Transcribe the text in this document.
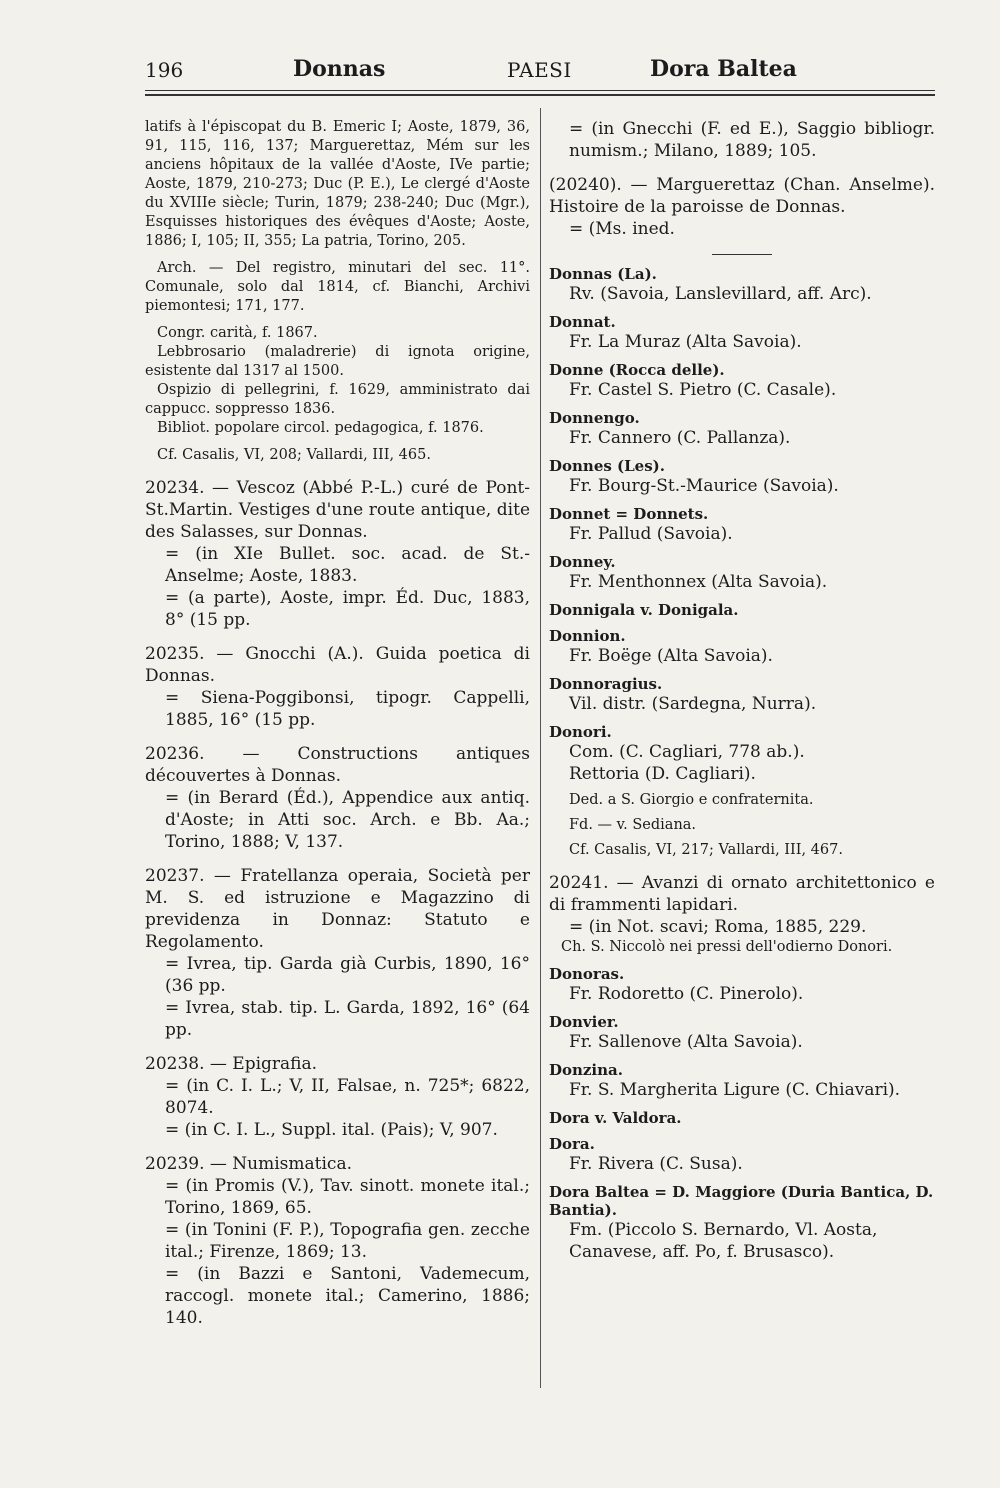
196	Donnas	PAESI	Dora Baltea

latifs à l'épiscopat du B. Emeric I; Aoste, 1879, 36, 91, 115, 116, 137; Marguerettaz, Mém sur les anciens hôpitaux de la vallée d'Aoste, IVe partie; Aoste, 1879, 210-273; Duc (P. E.), Le clergé d'Aoste du XVIIIe siècle; Turin, 1879; 238-240; Duc (Mgr.), Esquisses historiques des évêques d'Aoste; Aoste, 1886; I, 105; II, 355; La patria, Torino, 205.

Arch. — Del registro, minutari del sec. 11°. Comunale, solo dal 1814, cf. Bianchi, Archivi piemontesi; 171, 177.

Congr. carità, f. 1867.

Lebbrosario (maladrerie) di ignota origine, esistente dal 1317 al 1500.

Ospizio di pellegrini, f. 1629, amministrato dai cappucc. soppresso 1836.

Bibliot. popolare circol. pedagogica, f. 1876.

Cf. Casalis, VI, 208; Vallardi, III, 465.

20234. — Vescoz (Abbé P.-L.) curé de Pont-St.Martin. Vestiges d'une route antique, dite des Salasses, sur Donnas.

= (in XIe Bullet. soc. acad. de St.-Anselme; Aoste, 1883.

= (a parte), Aoste, impr. Éd. Duc, 1883, 8° (15 pp.

20235. — Gnocchi (A.). Guida poetica di Donnas.

= Siena-Poggibonsi, tipogr. Cappelli, 1885, 16° (15 pp.

20236. — Constructions antiques découvertes à Donnas.

= (in Berard (Éd.), Appendice aux antiq. d'Aoste; in Atti soc. Arch. e Bb. Aa.; Torino, 1888; V, 137.

20237. — Fratellanza operaia, Società per M. S. ed istruzione e Magazzino di previdenza in Donnaz: Statuto e Regolamento.

= Ivrea, tip. Garda già Curbis, 1890, 16° (36 pp.

= Ivrea, stab. tip. L. Garda, 1892, 16° (64 pp.

20238. — Epigrafia.

= (in C. I. L.; V, II, Falsae, n. 725*; 6822, 8074.

= (in C. I. L., Suppl. ital. (Pais); V, 907.

20239. — Numismatica.

= (in Promis (V.), Tav. sinott. monete ital.; Torino, 1869, 65.

= (in Tonini (F. P.), Topografia gen. zecche ital.; Firenze, 1869; 13.

= (in Bazzi e Santoni, Vademecum, raccogl. monete ital.; Camerino, 1886; 140.

= (in Gnecchi (F. ed E.), Saggio bibliogr. numism.; Milano, 1889; 105.

(20240). — Marguerettaz (Chan. Anselme). Histoire de la paroisse de Donnas.

= (Ms. ined.

Donnas (La).
Rv. (Savoia, Lanslevillard, aff. Arc).
Donnat.
Fr. La Muraz (Alta Savoia).
Donne (Rocca delle).
Fr. Castel S. Pietro (C. Casale).
Donnengo.
Fr. Cannero (C. Pallanza).
Donnes (Les).
Fr. Bourg-St.-Maurice (Savoia).
Donnet = Donnets.
Fr. Pallud (Savoia).
Donney.
Fr. Menthonnex (Alta Savoia).
Donnigala v. Donigala.
Donnion.
Fr. Boëge (Alta Savoia).
Donnoragius.
Vil. distr. (Sardegna, Nurra).
Donori.
Com. (C. Cagliari, 778 ab.).
Rettoria (D. Cagliari).
Ded. a S. Giorgio e confraternita.
Fd. — v. Sediana.
Cf. Casalis, VI, 217; Vallardi, III, 467.

20241. — Avanzi di ornato architettonico e di frammenti lapidari.

= (in Not. scavi; Roma, 1885, 229.

Ch. S. Niccolò nei pressi dell'odierno Donori.

Donoras.
Fr. Rodoretto (C. Pinerolo).
Donvier.
Fr. Sallenove (Alta Savoia).
Donzina.
Fr. S. Margherita Ligure (C. Chiavari).
Dora v. Valdora.
Dora.
Fr. Rivera (C. Susa).
Dora Baltea = D. Maggiore (Duria Bantica, D. Bantia).
Fm. (Piccolo S. Bernardo, Vl. Aosta, Canavese, aff. Po, f. Brusasco).
